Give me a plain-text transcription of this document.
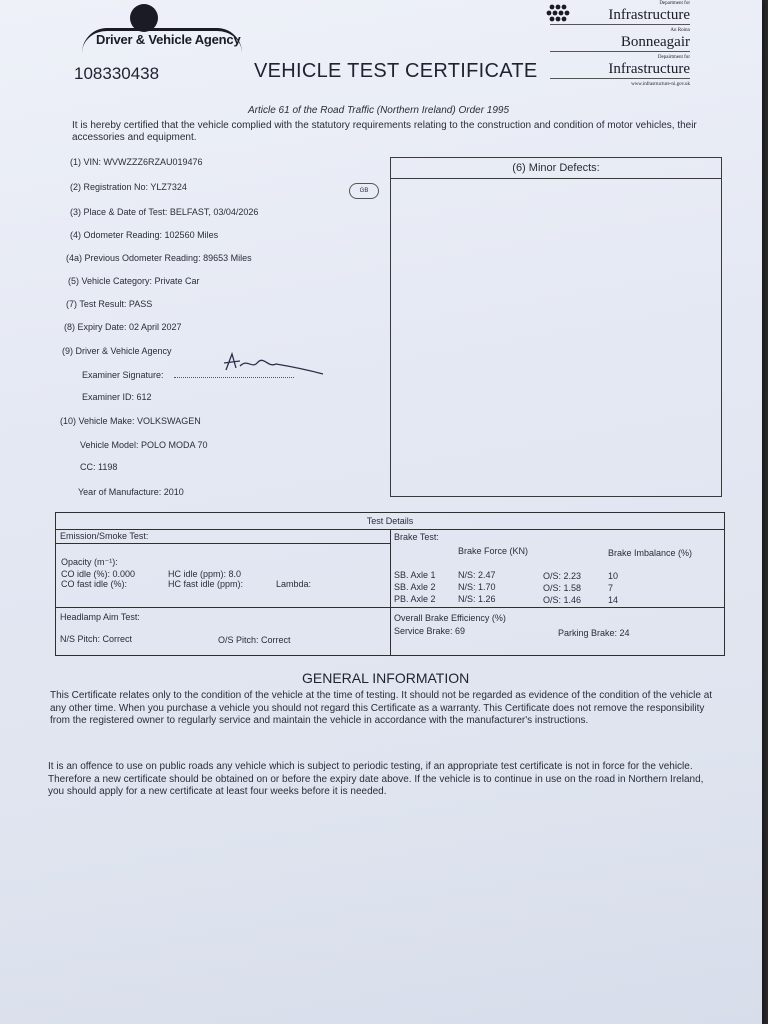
Driver & Vehicle Agency
Department for
Infrastructure
An Roinn
Bonneagair
Depairtment fur
Infrastructure
www.infrastructure-ni.gov.uk
108330438	VEHICLE TEST CERTIFICATE
Article 61 of the Road Traffic (Northern Ireland) Order 1995
It is hereby certified that the vehicle complied with the statutory requirements relating to the construction and condition of motor vehicles, their accessories and equipment.
(1) VIN: WVWZZZ6RZAU019476
(2) Registration No: YLZ7324
(3) Place & Date of Test: BELFAST, 03/04/2026
(4) Odometer Reading: 102560 Miles
(4a) Previous Odometer Reading: 89653 Miles
(5) Vehicle Category: Private Car
(7) Test Result: PASS
(8) Expiry Date: 02 April 2027
(9) Driver & Vehicle Agency
Examiner Signature:
Examiner ID: 612
(10) Vehicle Make: VOLKSWAGEN
Vehicle Model: POLO MODA 70
CC: 1198
Year of Manufacture: 2010
GB
(6) Minor Defects:
Test Details
Emission/Smoke Test:
Opacity (m⁻¹):
CO idle (%): 0.000
CO fast idle (%):
HC idle (ppm): 8.0
HC fast idle (ppm):	Lambda:
Headlamp Aim Test:
N/S Pitch: Correct	O/S Pitch: Correct
Brake Test:
Brake Force (KN)	Brake Imbalance (%)
SB. Axle 1 N/S: 2.47	O/S: 2.23	10
SB. Axle 2 N/S: 1.70	O/S: 1.58	7
PB. Axle 2 N/S: 1.26	O/S: 1.46	14
Overall Brake Efficiency (%)
Service Brake: 69	Parking Brake: 24
GENERAL INFORMATION
This Certificate relates only to the condition of the vehicle at the time of testing. It should not be regarded as evidence of the condition of the vehicle at any other time. When you purchase a vehicle you should not regard this Certificate as a warranty. This Certificate does not remove the responsibility from the registered owner to regularly service and maintain the vehicle in accordance with the manufacturer's instructions.
It is an offence to use on public roads any vehicle which is subject to periodic testing, if an appropriate test certificate is not in force for the vehicle. Therefore a new certificate should be obtained on or before the expiry date above. If the vehicle is to continue in use on the road in Northern Ireland, you should apply for a new certificate at least four weeks before it is needed.
